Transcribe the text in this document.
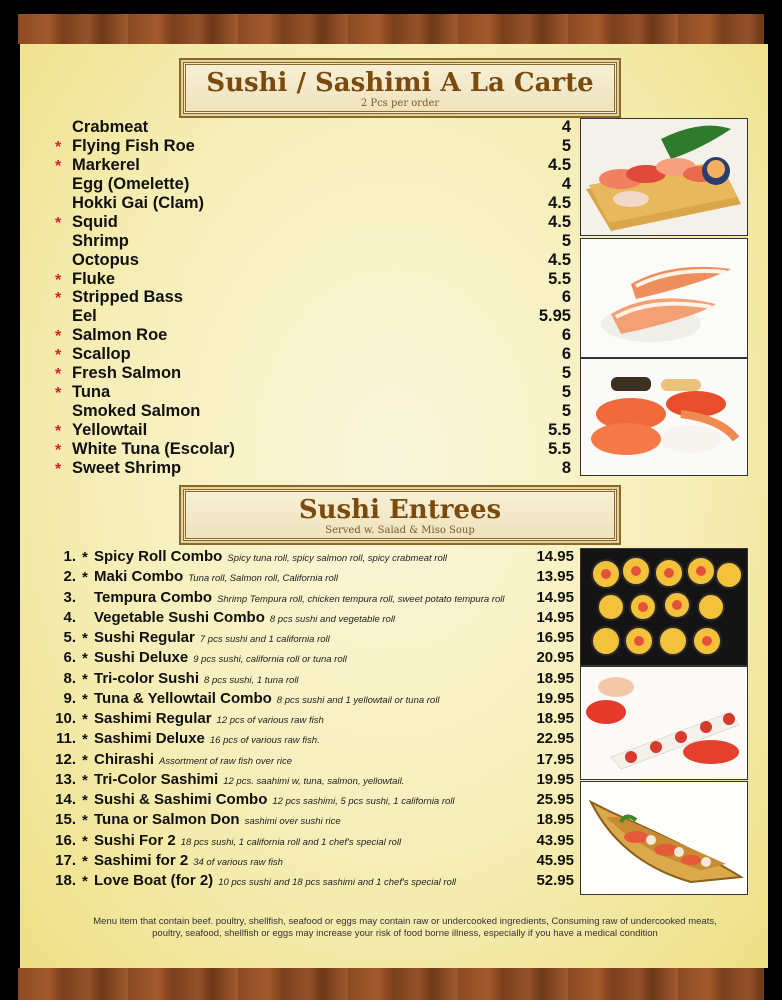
Sushi / Sashimi A La Carte
2 Pcs per order
Crabmeat	4
* Flying Fish Roe	5
* Markerel	4.5
Egg (Omelette)	4
Hokki Gai (Clam)	4.5
* Squid	4.5
Shrimp	5
Octopus	4.5
* Fluke	5.5
* Stripped Bass	6
Eel	5.95
* Salmon Roe	6
* Scallop	6
* Fresh Salmon	5
* Tuna	5
Smoked Salmon	5
* Yellowtail	5.5
* White Tuna (Escolar)	5.5
* Sweet Shrimp	8
Sushi Entrees
Served w. Salad & Miso Soup
1. * Spicy Roll Combo Spicy tuna roll, spicy salmon roll, spicy crabmeat roll	14.95
2. * Maki Combo Tuna roll, Salmon roll, California roll	13.95
3. Tempura Combo Shrimp Tempura roll, chicken tempura roll, sweet potato tempura roll 14.95
4. Vegetable Sushi Combo 8 pcs sushi and vegetable roll	14.95
5. * Sushi Regular 7 pcs sushi and 1 california roll	16.95
6. * Sushi Deluxe 9 pcs sushi, california roll or tuna roll	20.95
8. * Tri-color Sushi 8 pcs sushi, 1 tuna roll	18.95
9. * Tuna & Yellowtail Combo 8 pcs sushi and 1 yellowtail or tuna roll	19.95
10. * Sashimi Regular 12 pcs of various raw fish	18.95
11. * Sashimi Deluxe 16 pcs of various raw fish.	22.95
12. * Chirashi Assortment of raw fish over rice	17.95
13. * Tri-Color Sashimi 12 pcs. saahimi w, tuna, salmon, yellowtail.	19.95
14. * Sushi & Sashimi Combo 12 pcs sashimi, 5 pcs sushi, 1 california roll	25.95
15. * Tuna or Salmon Don sashimi over sushi rice	18.95
16. * Sushi For 2 18 pcs sushi, 1 california roll and 1 chef's special roll	43.95
17. * Sashimi for 2 34 of various raw fish	45.95
18. * Love Boat (for 2) 10 pcs sushi and 18 pcs sashimi and 1 chef's special roll	52.95
Menu item that contain beef. poultry, shellfish, seafood or eggs may contain raw or undercooked ingredients, Consuming raw of undercooked meats,
poultry, seafood, shellfish or eggs may increase your risk of food borne illness, especially if you have a medical condition
